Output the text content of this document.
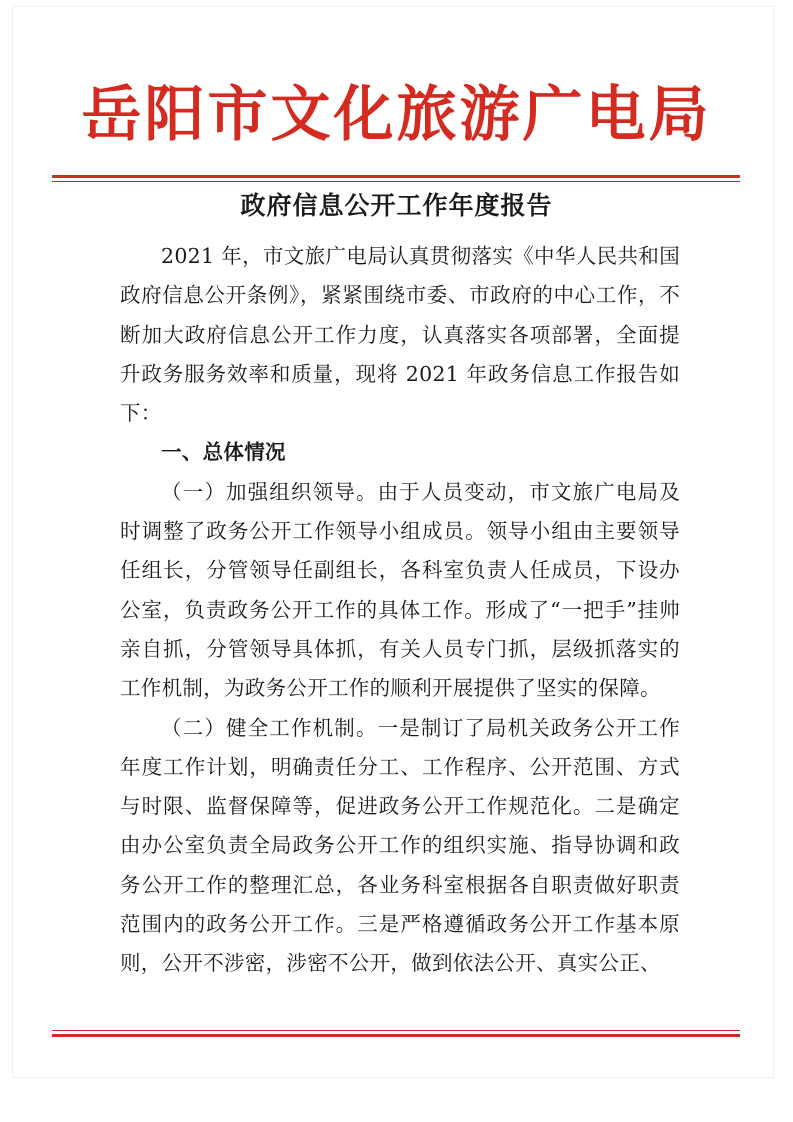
岳阳市文化旅游广电局
政府信息公开工作年度报告

2021 年，市文旅广电局认真贯彻落实《中华人民共和国政府信息公开条例》，紧紧围绕市委、市政府的中心工作，不断加大政府信息公开工作力度，认真落实各项部署，全面提升政务服务效率和质量，现将 2021 年政务信息工作报告如下：

一、总体情况

（一）加强组织领导。由于人员变动，市文旅广电局及时调整了政务公开工作领导小组成员。领导小组由主要领导任组长，分管领导任副组长，各科室负责人任成员，下设办公室，负责政务公开工作的具体工作。形成了“一把手”挂帅亲自抓，分管领导具体抓，有关人员专门抓，层级抓落实的工作机制，为政务公开工作的顺利开展提供了坚实的保障。

（二）健全工作机制。一是制订了局机关政务公开工作年度工作计划，明确责任分工、工作程序、公开范围、方式与时限、监督保障等，促进政务公开工作规范化。二是确定由办公室负责全局政务公开工作的组织实施、指导协调和政务公开工作的整理汇总，各业务科室根据各自职责做好职责范围内的政务公开工作。三是严格遵循政务公开工作基本原则，公开不涉密，涉密不公开，做到依法公开、真实公正、
